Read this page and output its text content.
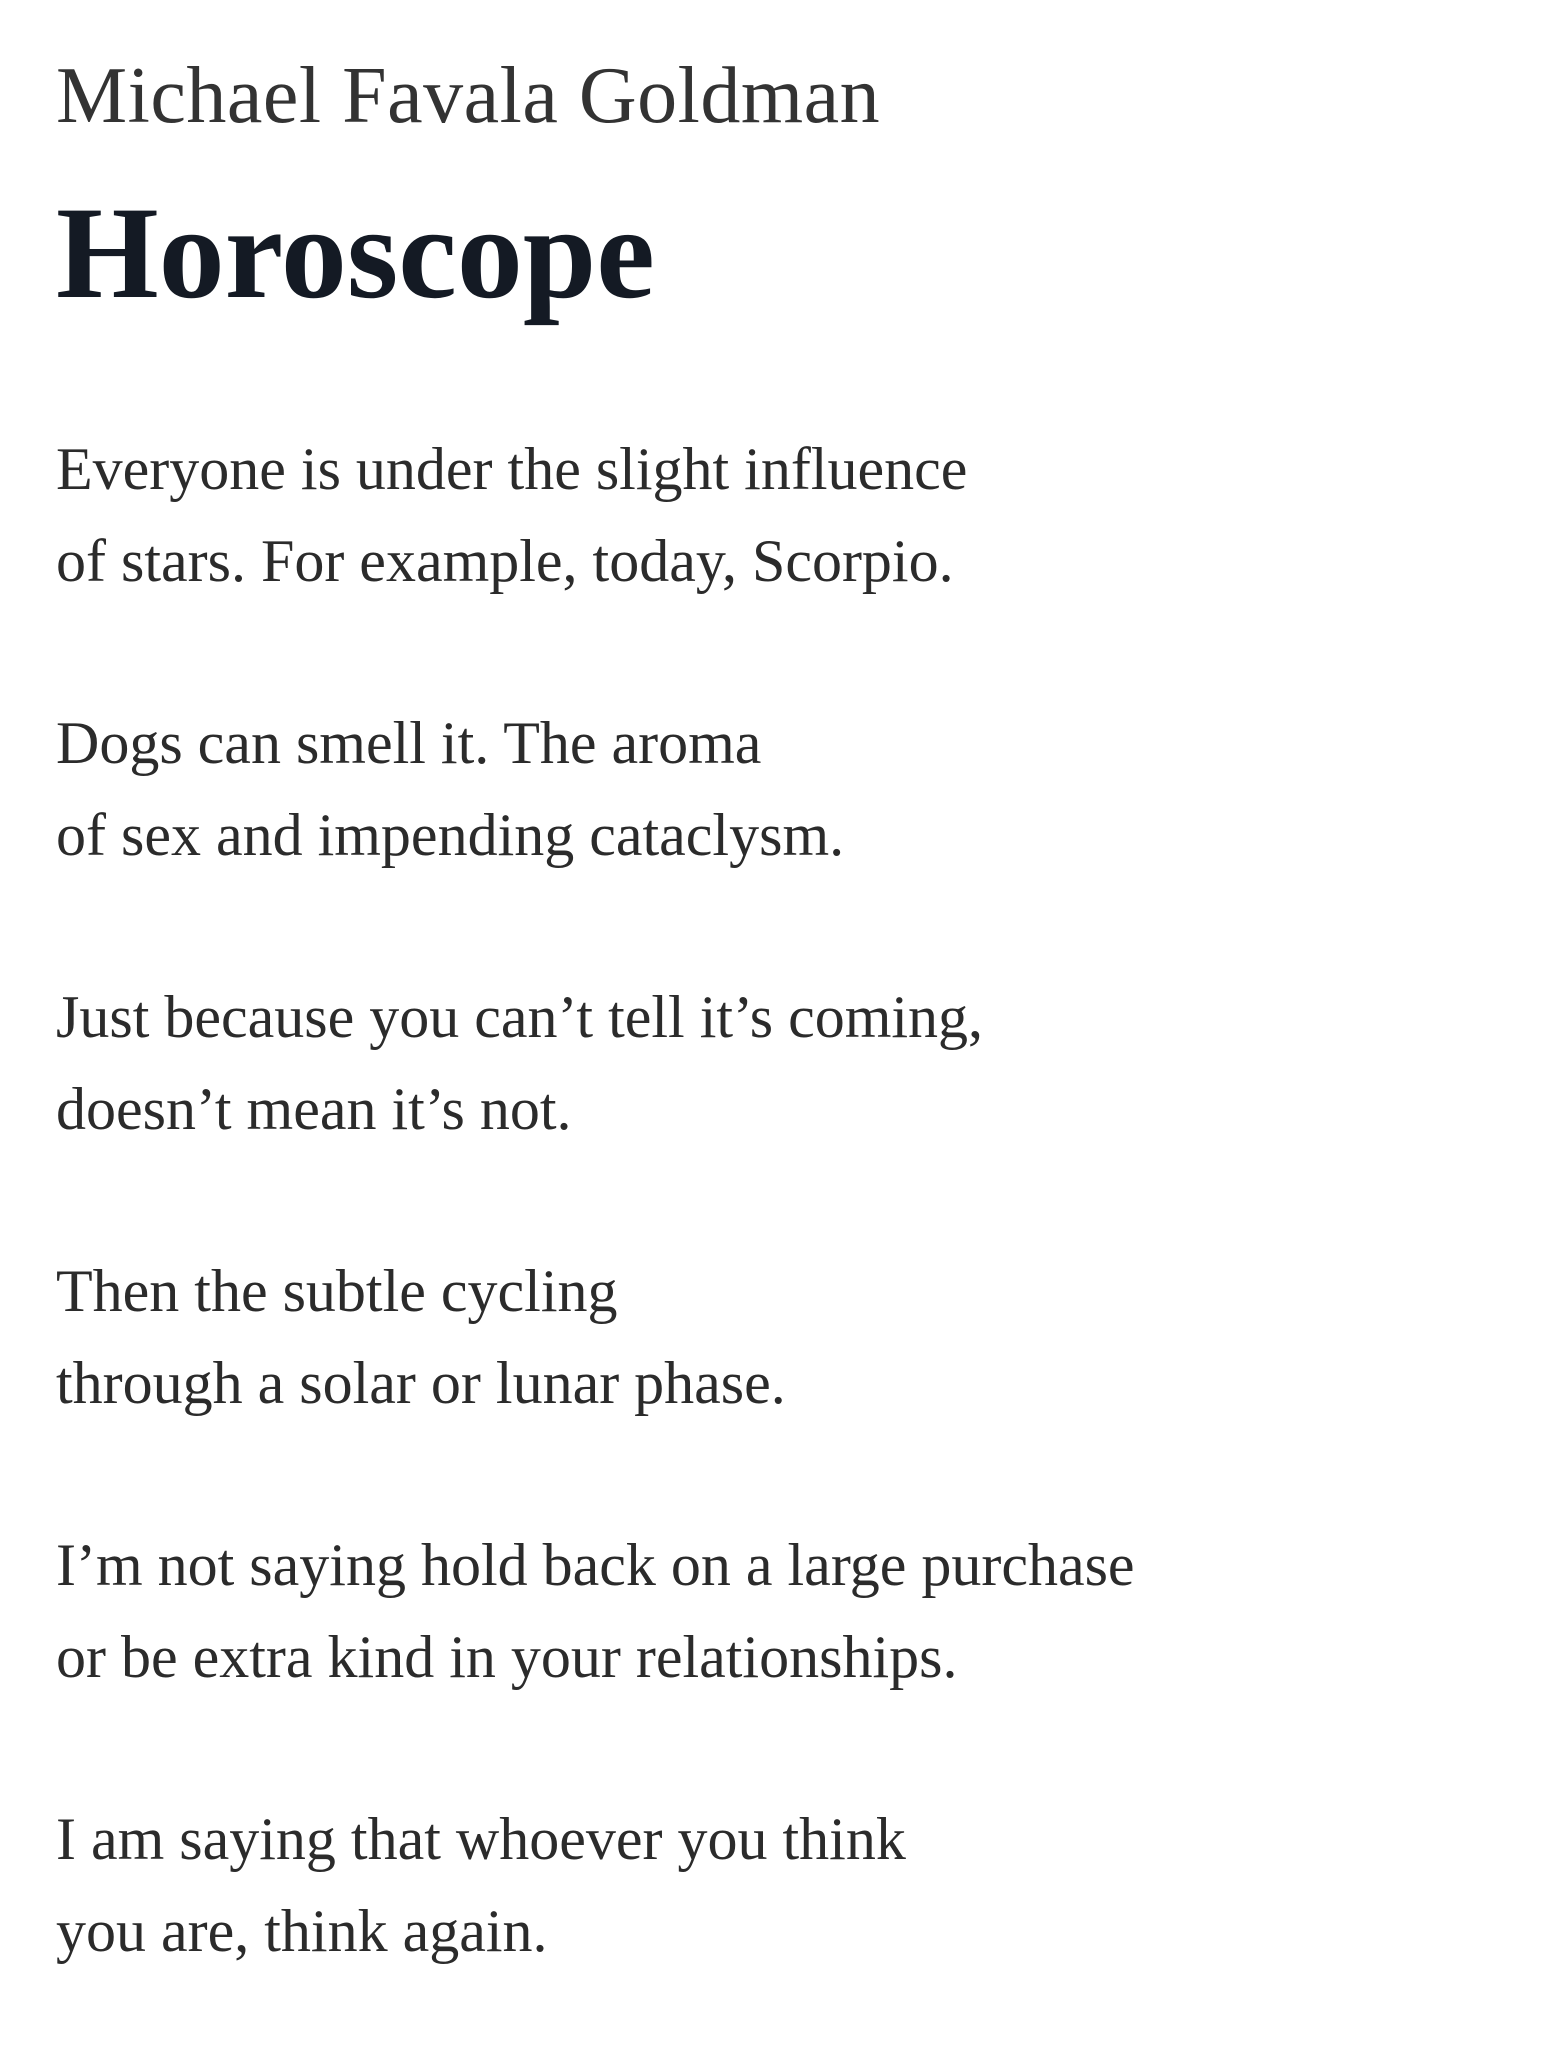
Michael Favala Goldman
Horoscope

Everyone is under the slight influence
of stars. For example, today, Scorpio.

Dogs can smell it. The aroma
of sex and impending cataclysm.

Just because you can’t tell it’s coming,
doesn’t mean it’s not.

Then the subtle cycling
through a solar or lunar phase.

I’m not saying hold back on a large purchase
or be extra kind in your relationships.

I am saying that whoever you think
you are, think again.
